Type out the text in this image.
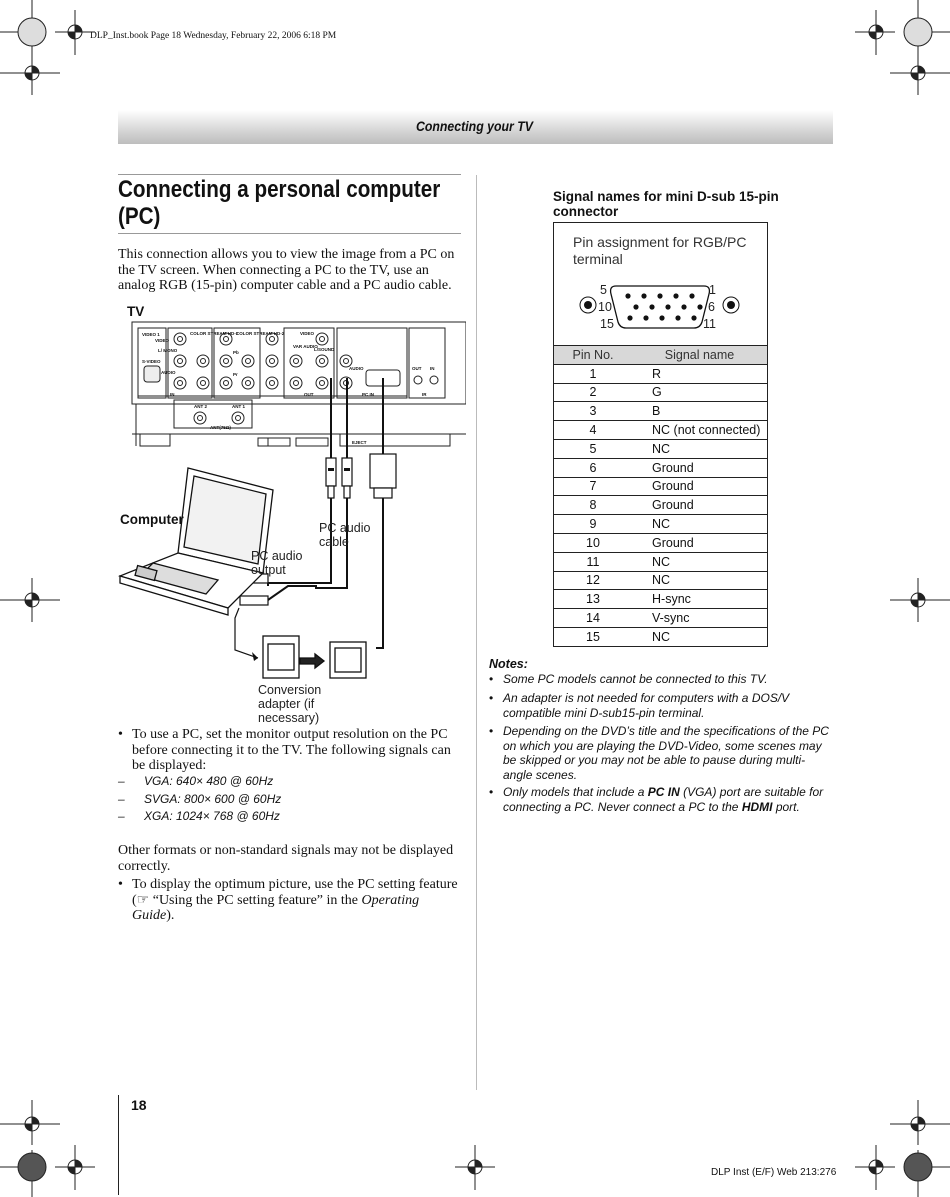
DLP_Inst.book Page 18 Wednesday, February 22, 2006 6:18 PM
Connecting your TV
Connecting a personal computer (PC)
This connection allows you to view the image from a PC on the TV screen. When connecting a PC to the TV, use an analog RGB (15-pin) computer cable and a PC audio cable.
TV
VIDEO 1
VIDEO
L/ MONO
S-VIDEO
AUDIO
COLOR STREAM HD-1
COLOR STREAM HD-2
Pb
Pr
VIDEO
VAR AUDIO
L/SOUND
AUDIO	OUT IN
IN	OUT	PC IN	IR
ANT 2	ANT 1
ANT(75Ω)
EJECT
Computer
PC audio cable
PC audio output
Conversion adapter (if necessary)
• To use a PC, set the monitor output resolution on the PC before connecting it to the TV. The following signals can be displayed:
– VGA: 640× 480 @ 60Hz
– SVGA: 800× 600 @ 60Hz
– XGA: 1024× 768 @ 60Hz
Other formats or non-standard signals may not be displayed correctly.
• To display the optimum picture, use the PC setting feature (☞ “Using the PC setting feature” in the Operating Guide).
Signal names for mini D-sub 15-pin connector
Pin assignment for RGB/PC terminal
5	1
10	6
15	11
Pin No.	Signal name
1	R
2	G
3	B
4	NC (not connected)
5	NC
6	Ground
7	Ground
8	Ground
9	NC
10	Ground
11	NC
12	NC
13	H-sync
14	V-sync
15	NC
Notes:
• Some PC models cannot be connected to this TV.
• An adapter is not needed for computers with a DOS/V compatible mini D-sub15-pin terminal.
• Depending on the DVD’s title and the specifications of the PC on which you are playing the DVD-Video, some scenes may be skipped or you may not be able to pause during multi-angle scenes.
• Only models that include a PC IN (VGA) port are suitable for connecting a PC. Never connect a PC to the HDMI port.
18
DLP Inst (E/F) Web 213:276
